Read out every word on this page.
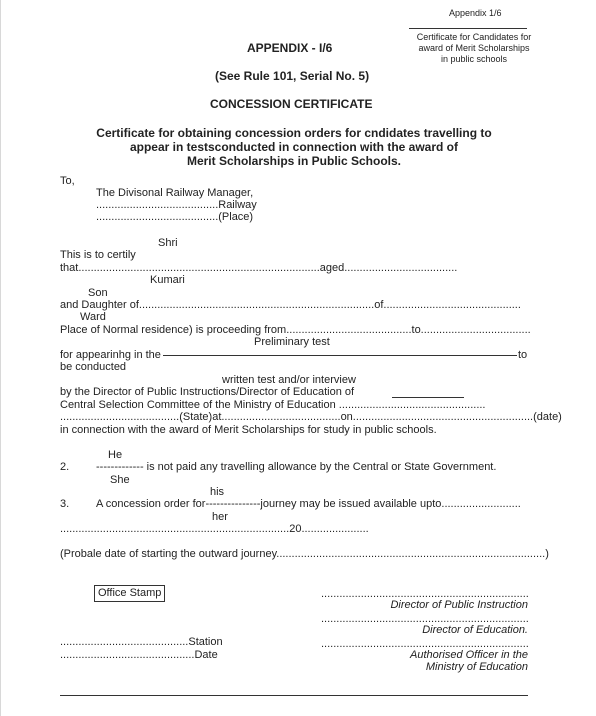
Appendix 1/6
Certificate for Candidates for
award of Merit Scholarships
in public schools
APPENDIX - I/6
(See Rule 101, Serial No. 5)
CONCESSION CERTIFICATE
Certificate for obtaining concession orders for cndidates travelling to
appear in testsconducted in connection with the award of
Merit Scholarships in Public Schools.
To,
The Divisonal Railway Manager,
........................................Railway
........................................(Place)
Shri
This is to certily
that...............................................................................aged.....................................
Kumari
Son
and Daughter of.............................................................................of.............................................
Ward
Place of Normal residence) is proceeding from.........................................to....................................
Preliminary test
for appearinhg in the	to
be conducted
written test and/or interview
by the Director of Public Instructions/Director of Education of
Central Selection Committee of the Ministry of Education ................................................
.......................................(State)at.......................................on...........................................................(date)
in connection with the award of Merit Scholarships for study in public schools.
He
2. ------------- is not paid any travelling allowance by the Central or State Government.
She
his
3. A concession order for---------------journey may be issued available upto..........................
her
...........................................................................20......................
(Probale date of starting the outward journey........................................................................................)
Office Stamp	....................................................................
Director of Public Instruction
....................................................................
Director of Education.
....................................................................
Authorised Officer in the
Ministry of Education
..........................................Station
............................................Date
